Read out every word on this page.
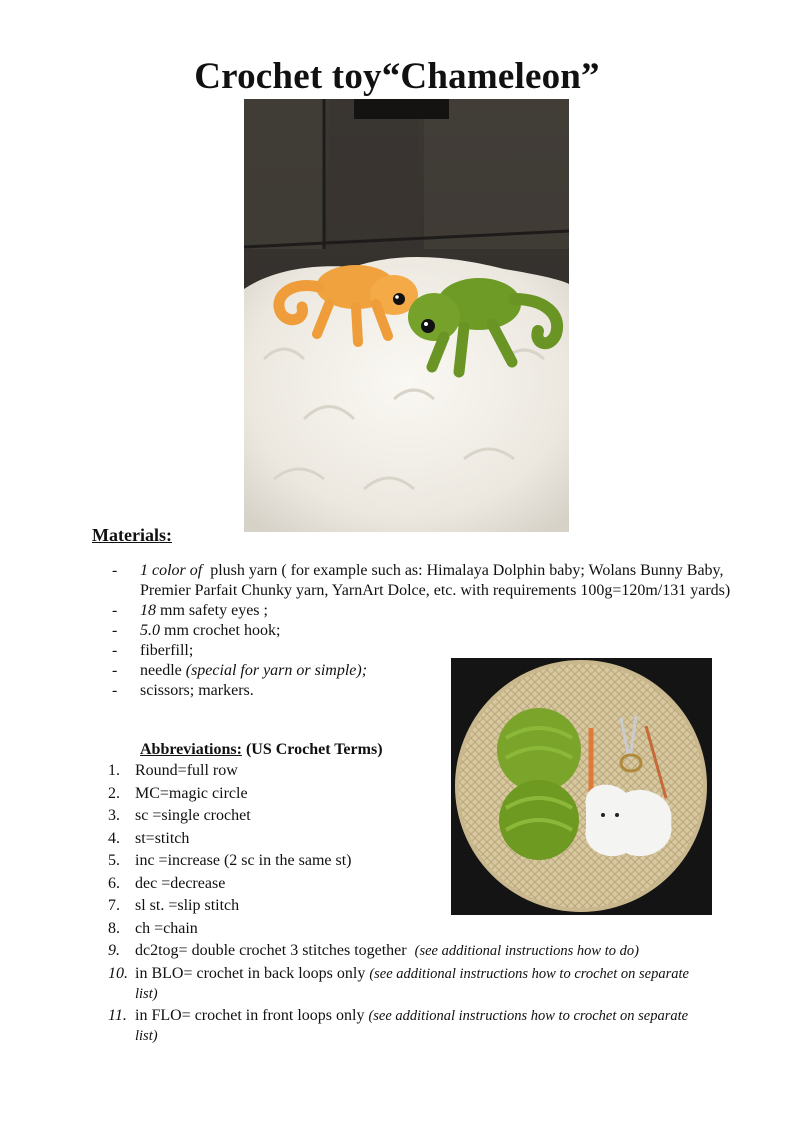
Crochet toy“Chameleon”
Materials:
-	1 color of  plush yarn ( for example such as: Himalaya Dolphin baby; Wolans Bunny Baby, Premier Parfait Chunky yarn, YarnArt Dolce, etc. with requirements 100g=120m/131 yards)
-	18 mm safety eyes ;
-	5.0 mm crochet hook;
-	fiberfill;
-	needle (special for yarn or simple);
-	scissors; markers.
Abbreviations: (US Crochet Terms)
1. Round=full row
2. MC=magic circle
3. sc =single crochet
4. st=stitch
5. inc =increase (2 sc in the same st)
6. dec =decrease
7. sl st. =slip stitch
8. ch =chain
9. dc2tog= double crochet 3 stitches together (see additional instructions how to do)
10. in BLO= crochet in back loops only (see additional instructions how to crochet on separate list)
11. in FLO= crochet in front loops only (see additional instructions how to crochet on separate list)
